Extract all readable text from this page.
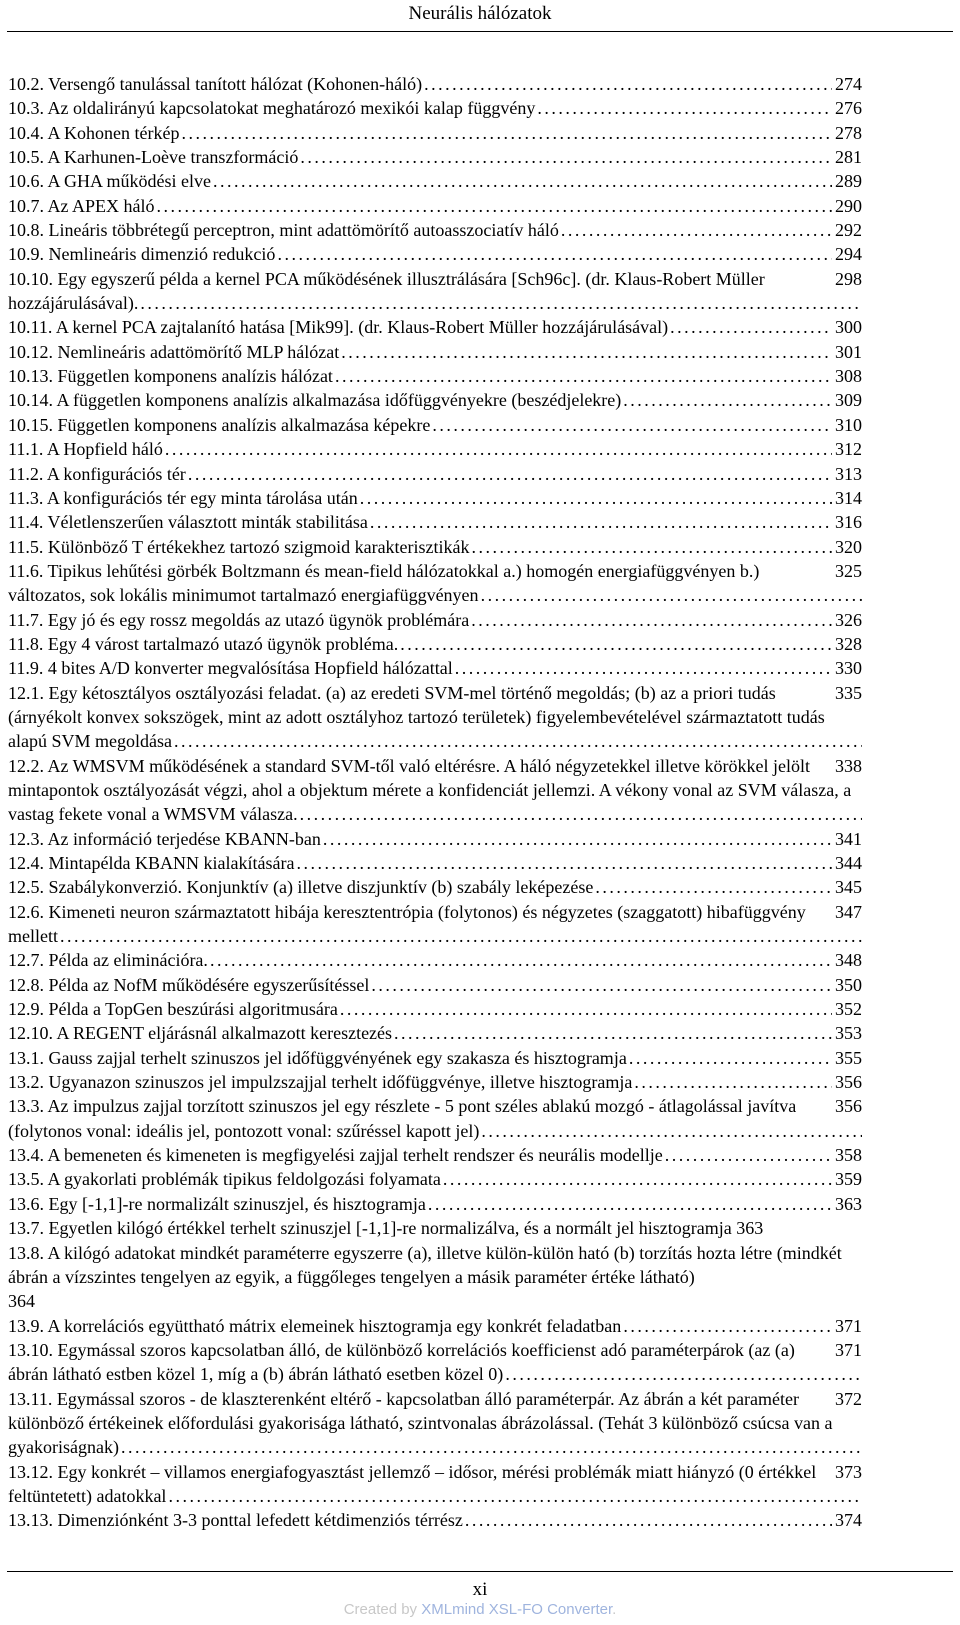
Neurális hálózatok
274
10.2. Versengő tanulással tanított hálózat (Kohonen-háló) . . .
276
10.3. Az oldalirányú kapcsolatokat meghatározó mexikói kalap függvény . . .
278
10.4. A Kohonen térkép . . .
281
10.5. A Karhunen-Loève transzformáció . . .
289
10.6. A GHA működési elve . . .
290
10.7. Az APEX háló . . .
292
10.8. Lineáris többrétegű perceptron, mint adattömörítő autoasszociatív háló . . .
294
10.9. Nemlineáris dimenzió redukció . . .
298
10.10. Egy egyszerű példa a kernel PCA működésének illusztrálására [Sch96c]. (dr. Klaus-Robert Müller hozzájárulásával). . . .
300
10.11. A kernel PCA zajtalanító hatása [Mik99]. (dr. Klaus-Robert Müller hozzájárulásával) . . .
301
10.12. Nemlineáris adattömörítő MLP hálózat . . .
308
10.13. Független komponens analízis hálózat . . .
309
10.14. A független komponens analízis alkalmazása időfüggvényekre (beszédjelekre) . . .
310
10.15. Független komponens analízis alkalmazása képekre . . .
312
11.1. A Hopfield háló . . .
313
11.2. A konfigurációs tér . . .
314
11.3. A konfigurációs tér egy minta tárolása után . . .
316
11.4. Véletlenszerűen választott minták stabilitása . . .
320
11.5. Különböző T értékekhez tartozó szigmoid karakterisztikák . . .
325
11.6. Tipikus lehűtési görbék Boltzmann és mean-field hálózatokkal a.) homogén energiafüggvényen b.) változatos, sok lokális minimumot tartalmazó energiafüggvényen . . .
326
11.7. Egy jó és egy rossz megoldás az utazó ügynök problémára . . .
328
11.8. Egy 4 várost tartalmazó utazó ügynök probléma. . . .
330
11.9. 4 bites A/D konverter megvalósítása Hopfield hálózattal . . .
335
12.1. Egy kétosztályos osztályozási feladat. (a) az eredeti SVM-mel történő megoldás; (b) az a priori tudás (árnyékolt konvex sokszögek, mint az adott osztályhoz tartozó területek) figyelembevételével származtatott tudás alapú SVM megoldása . . .
338
12.2. Az WMSVM működésének a standard SVM-től való eltérésre. A háló négyzetekkel illetve körökkel jelölt mintapontok osztályozását végzi, ahol a objektum mérete a konfidenciát jellemzi. A vékony vonal az SVM válasza, a vastag fekete vonal a WMSVM válasza. . . .
341
12.3. Az információ terjedése KBANN-ban . . .
344
12.4. Mintapélda KBANN kialakítására . . .
345
12.5. Szabálykonverzió. Konjunktív (a) illetve diszjunktív (b) szabály leképezése . . .
347
12.6. Kimeneti neuron származtatott hibája keresztentrópia (folytonos) és négyzetes (szaggatott) hibafüggvény mellett . . .
348
12.7. Példa az eliminációra. . . .
350
12.8. Példa az NofM működésére egyszerűsítéssel . . .
352
12.9. Példa a TopGen beszúrási algoritmusára . . .
353
12.10. A REGENT eljárásnál alkalmazott keresztezés . . .
355
13.1. Gauss zajjal terhelt szinuszos jel időfüggvényének egy szakasza és hisztogramja . . .
356
13.2. Ugyanazon szinuszos jel impulzszajjal terhelt időfüggvénye, illetve hisztogramja . . .
356
13.3. Az impulzus zajjal torzított szinuszos jel egy részlete - 5 pont széles ablakú mozgó - átlagolással javítva (folytonos vonal: ideális jel, pontozott vonal: szűréssel kapott jel) . . .
358
13.4. A bemeneten és kimeneten is megfigyelési zajjal terhelt rendszer és neurális modellje . . .
359
13.5. A gyakorlati problémák tipikus feldolgozási folyamata . . .
363
13.6. Egy [-1,1]-re normalizált szinuszjel, és hisztogramja . . .
13.7. Egyetlen kilógó értékkel terhelt szinuszjel [-1,1]-re normalizálva, és a normált jel hisztogramja 363
13.8. A kilógó adatokat mindkét paraméterre egyszerre (a), illetve külön-külön ható (b) torzítás hozta létre (mindkét ábrán a vízszintes tengelyen az egyik, a függőleges tengelyen a másik paraméter értéke látható)
364
371
13.9. A korrelációs együttható mátrix elemeinek hisztogramja egy konkrét feladatban . . .
371
13.10. Egymással szoros kapcsolatban álló, de különböző korrelációs koefficienst adó paraméterpárok (az (a) ábrán látható estben közel 1, míg a (b) ábrán látható esetben közel 0) . . .
372
13.11. Egymással szoros - de klaszterenként eltérő - kapcsolatban álló paraméterpár. Az ábrán a két paraméter különböző értékeinek előfordulási gyakorisága látható, szintvonalas ábrázolással. (Tehát 3 különböző csúcsa van a gyakoriságnak) . . .
373
13.12. Egy konkrét – villamos energiafogyasztást jellemző – idősor, mérési problémák miatt hiányzó (0 értékkel feltüntetett) adatokkal . . .
374
13.13. Dimenziónként 3-3 ponttal lefedett kétdimenziós térrész . . .
xi
Created by XMLmind XSL-FO Converter.
